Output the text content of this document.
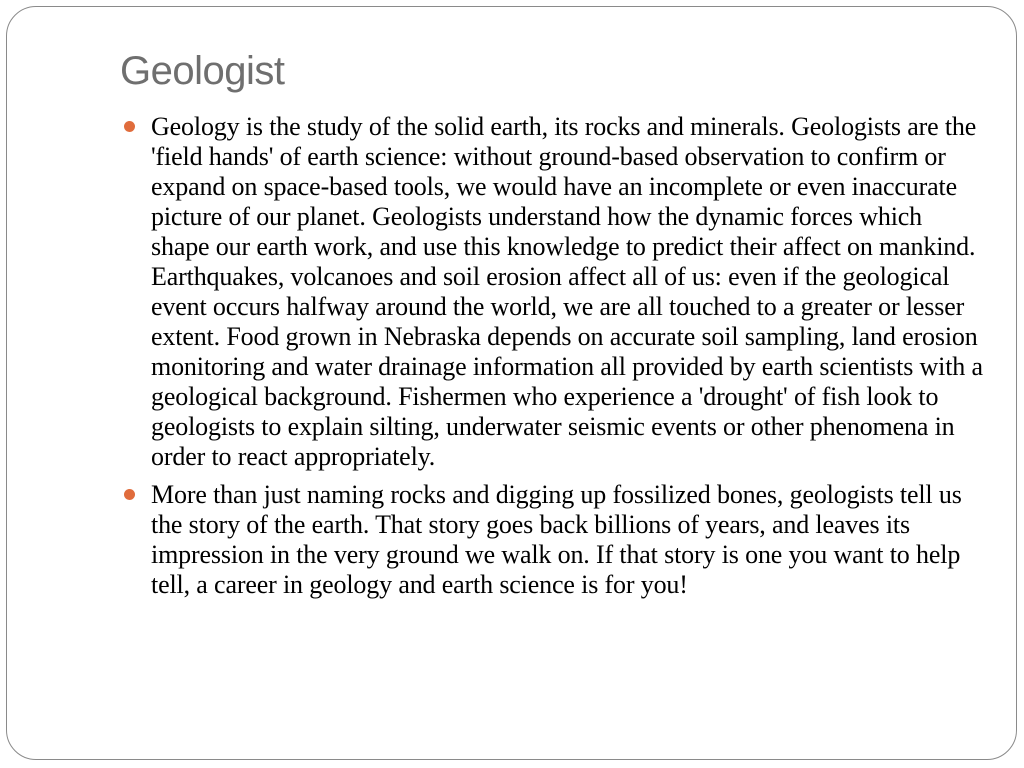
Geologist
Geology is the study of the solid earth, its rocks and minerals. Geologists are the 'field hands' of earth science: without ground-based observation to confirm or expand on space-based tools, we would have an incomplete or even inaccurate picture of our planet. Geologists understand how the dynamic forces which shape our earth work, and use this knowledge to predict their affect on mankind. Earthquakes, volcanoes and soil erosion affect all of us: even if the geological event occurs halfway around the world, we are all touched to a greater or lesser extent. Food grown in Nebraska depends on accurate soil sampling, land erosion monitoring and water drainage information all provided by earth scientists with a geological background. Fishermen who experience a 'drought' of fish look to geologists to explain silting, underwater seismic events or other phenomena in order to react appropriately.
More than just naming rocks and digging up fossilized bones, geologists tell us the story of the earth. That story goes back billions of years, and leaves its impression in the very ground we walk on. If that story is one you want to help tell, a career in geology and earth science is for you!
